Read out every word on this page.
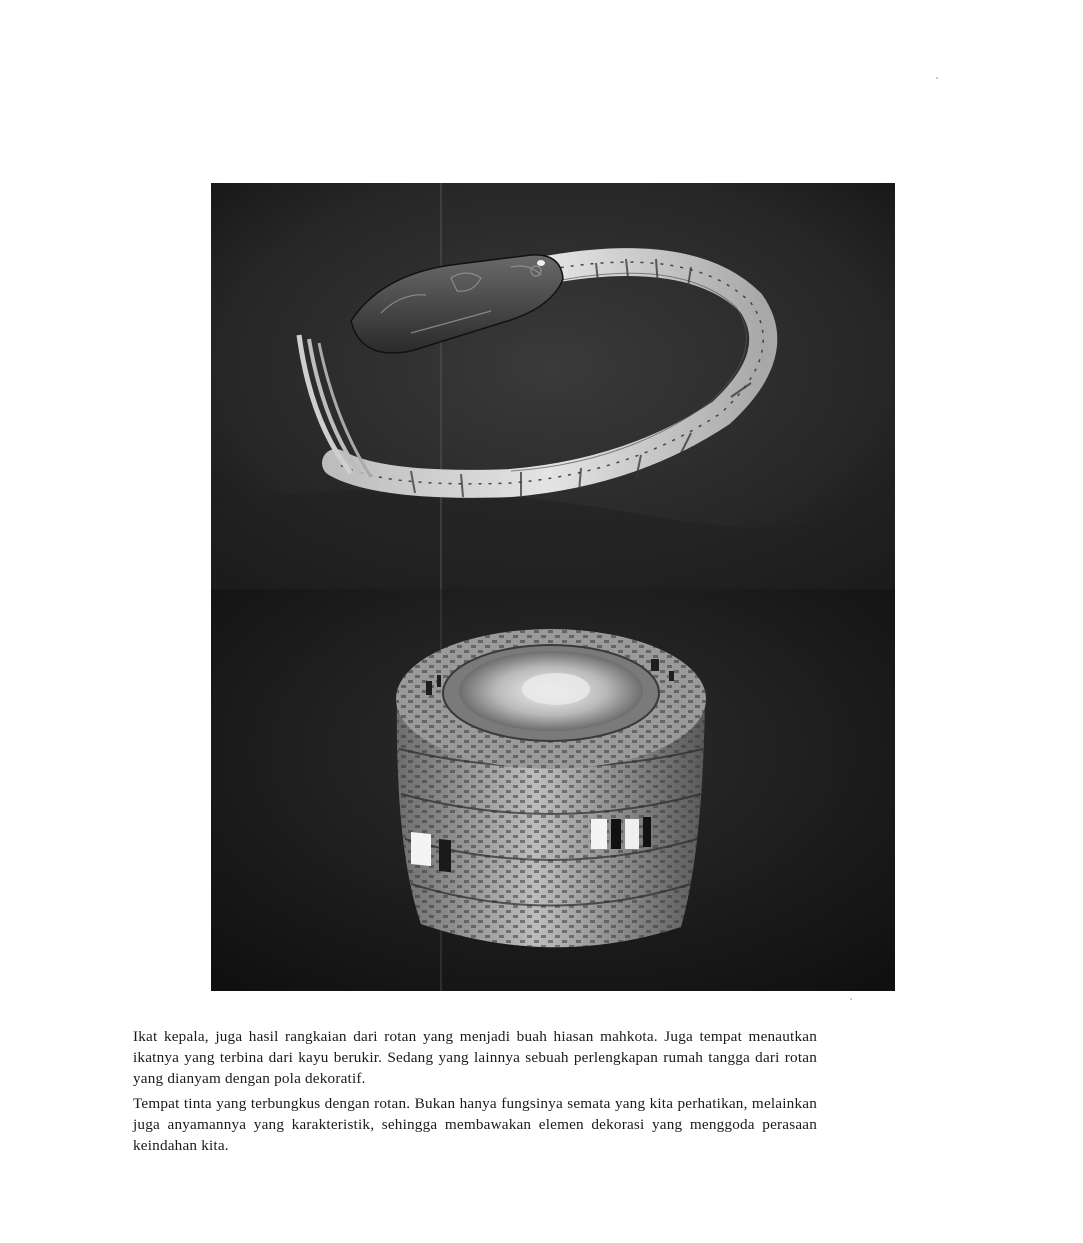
Ikat kepala, juga hasil rangkaian dari rotan yang menjadi buah hiasan mahkota. Juga tempat menautkan ikatnya yang terbina dari kayu berukir. Sedang yang lainnya sebuah perlengkapan rumah tangga dari rotan yang dianyam dengan pola dekoratif.

Tempat tinta yang terbungkus dengan rotan. Bukan hanya fungsinya semata yang kita perhatikan, melainkan juga anyamannya yang karakteristik, sehingga membawakan elemen dekorasi yang menggoda perasaan keindahan kita.
